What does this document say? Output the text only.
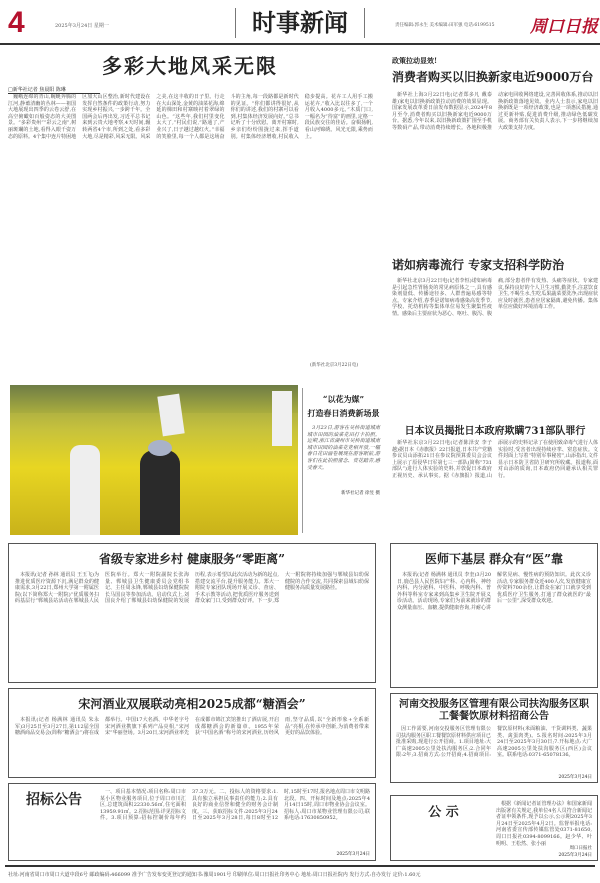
4	2025年3月24日 星期一	时事新闻	责任编辑:郭永生 美术编辑:田军强 电话:6199515 周口日报
多彩大地风采无限
□新华社记者 焦晨阳 陈琳
巍峨连绵的青山,蜿蜒奔腾的江河,静谧清幽的丛林——祖国大地展现出四季的云卷云舒,在高空俯瞰如百般姿态的大美图景。“多彩贵州”“彩云之南”,树丽斑斓的土地,看得入眼千姿万态的原料。4个集中连片特困地区加大山区整治,新时代建设在发挥自然条件的政策行动,努力实现乡村振兴,一步跨千年。全国两会后再出发,习近平总书记来到云贵大地考察,4天时间,辗转两省4个市,所到之处,看多彩大地,尽是精彩,风采无限。风采之美,在这丰收的日子里。行走在大山深处,金黄的油菜花海,绵延的梯田和村寨映衬着翠绿的山色。“这些年,我们村里变化太大了,”村民们说,“路通了,产业兴了,日子越过越红火。”幸福的笑脸里,每一个人都是这场奋斗的主角,每一段路都是新时代的见证。“你们都讲得很好,从你们的讲述,我们的村寨可以看到,村集体经济发展向好。”总书记听了十分欣慰。离开村寨时,乡亲们纷纷围拢过来,挥手道别。村集体经济增收,村民收入稳步提高。花卉工人用手工搬运花卉,“收入比以往多了,一个月收入4000多元。”木质门口,一幅名为“待富”的画里,定格一段民族交往的佳话。奋楫扬帆,看山河锦绣。风光无限,乘势而上。
(新华社北京3月22日电)
“以花为媒”
打造春日消费新场景
3月23日,游客在吴桥街道城南城市田园的油菜花田打卡拍照。近期,浙江省湖州市吴桥街道城南城市田园的油菜花竞相开放,一幅春日花田画卷展现在游客眼前,游客们在此拍照留念、赏花踏青,感受春天。
新华社记者 徐昱 摄
政策拉动显效!
消费者购买以旧换新家电近9000万台
新华社上海3月22日电(记者郑多凡 戴泰雄)家电以旧换新政策拉动消费的效果显现。国家发展改革委日前发布数据显示,2024年8月至今,消费者购买以旧换新家电近9000万台。据悉,今年以来,以旧换新政策扩围至手机等数码产品,带动消费持续增长。各地积极推动家电回收网络建设,完善回收体系,推动以旧换新政策落地见效。业内人士表示,家电以旧换新既是一项经济政策,也是一项惠民措施,通过更新补贴,促进消费升级,推动绿色低碳发展。商务部有关负责人表示,下一步将继续加大政策支持力度。
诺如病毒流行 专家支招科学防治
新华社北京3月22日电(记者李恒)诺如病毒是引起急性胃肠炎的常见病原体之一,具有感染剂量低、传播途径多、人群普遍易感等特点。专家介绍,春季是诺如病毒感染高发季节,学校、托幼机构等集体单位易发生聚集性疫情。感染后主要症状为恶心、呕吐、腹泻、腹痛,部分患者伴有发热、头痛等症状。专家建议,保持良好的个人卫生习惯,勤洗手,注意饮食卫生,不喝生水,生吃瓜果蔬菜要洗净;出现症状应及时就医,患者应居家隔离,避免传播。集体单位应做好环境消毒工作。
日本议员揭批日本政府欺瞒731部队罪行
新华社东京3月22日电(记者陈泽安 李子越)据日本《赤旗报》22日报道,日本共产党籍参议员山添拓21日在参议院预算委员会会议上展示了原侵华日军第七三一部队(简称“731部队”)进行人体实验的史料,并敦促日本政府正视历史、承认事实。据《赤旗报》报道,山添展示的史料记录了在使用致命毒气进行人体实验时,受害者出现持续痉挛、窒息症状。文件封面上写着“特别军事秘密”,山添指出,文件显示日本防卫省防卫研究所收藏。报道称,面对山添的质询,日本政府仍回避承认相关罪行。
省级专家进乡村 健康服务“零距离”
本报讯(记者 孙林 通讯员 王玉飞)为推进优质医疗资源下沉,满足群众的健康需求,3月22日,郑州大学第一附属医院(以下简称郑大一附院)“优质服务扫码基层行”郸城县站活动在郸城县人民医院举行。郑大一附院副院长张海量、郸城县卫生健康委员会党组书记、主任周永锋,郸城县妇幼保健院院长马国良等参加活动。启动仪式上,刘国良介绍了郸城县妇幼保健院的发展历程,表示希望以此次活动为新的起点,搭建交流平台,提升服务能力。郑大一附院专家团队现场开展义诊、查房、手术示教等活动,把优质医疗服务送到群众家门口,受到群众好评。下一步,郑大一附院将持续加强与郸城县妇幼保健院的合作交流,共同探索县域妇幼保健服务高质量发展路径。
宋河酒业双展联动亮相2025成都“糖酒会”
本报讯(记者 杨满林 通讯员 朱永军)3月25日至3月27日,第112届全国糖酒商品交易会(简称“糖酒会”)将在成都举行。中国17大名酒、中华老字号宋河酒业携旗下系列产品亮相,“宋河宋”华丽登场。3月20日,宋河酒业率先在成都市锦江宾馆推出了酒店展,开启成都糖酒会的新篇章。1955年荣获“中国名酒”称号的宋河酒业,历经风雨,坚守品质,以“全新形象+全系新品”亮相,在传承中创新,为消费者带来更好的品饮体验。
招标公告	一、项目基本情况:项目名称:周口市某小区物业服务项目,位于周口市川汇区,总建筑面积22330.56㎡,住宅面积13959.91㎡。2.招标范围:详见招标文件。3.项目预算:招标控制价每年约37.3万元。二、投标人的资格要求:1.具有独立承担民事责任的能力;2.具有良好的商业信誉和健全的财务会计制度。三、获取招标文件:2025年3月24日至2025年3月28日,每日8时至12时,15时至17时,报名地点周口市文明路北段。四、开标时间及地点:2025年4月14日15时,周口市物业协会会议室。招标人:周口市某物业管理有限公司;联系电话:17630850952。
2025年3月24日
医师下基层 群众有“医”靠
本报讯(记者 杨满林 通讯员 李奎)3月20日,鹿邑县人民医院妇产科、心内科、神经内科、内分泌科、中医科、呼吸内科、普外科等科室专家来到高集乡卫生院开展义诊活动。活动现场,专家们为前来就诊的群众测量血压、血糖,提供健康咨询,并耐心讲解常见病、慢性病的预防知识。此次义诊活动,专家服务群众近400人次,发放健康宣传资料700余份,让群众在家门口就享受到优质医疗卫生服务,打通了群众就医的“最后一公里”,深受群众欢迎。
河南交投服务区管理有限公司扶沟服务区职工餐餐饮原材料招商公告
因工作需要,河南交投服务区管理有限公司扶沟服务区职工餐餐饮原材料供应项目已批准采购,现进行公开招商。1.项目地址:大广高速2005公里处扶沟服务区;2.合同年限:2年;3.招商方式:公开招商;4.招商项目:餐饮原材料(米面粮油、干货调料类、蔬果类、禽蛋肉类)。5.报名时间:2025年3月24日至2025年3月30日;7.开标地点:大广高速2005公里处扶沟服务区(西区)会议室。联系电话:0371-65078136。
2025年3月24日
公 示
根据《新闻记者证管理办法》和国家新闻出版署有关规定,我单位4名人员符合新闻记者证申领条件,现予以公示,公示期2025年3月24日至2025年4月2日。监督举报电话:河南省委宣传部传媒监管处0371-81650,周口日报社0394-8099166。赵少华、叶明明、王松然、张小丽
周口日报社
2025年3月24日
社址:河南省周口市周口大道中段6号 邮政编码:466099 准予广告发布变更登记的通知书:豫周1901号 印刷单位:周口日报社印务中心 地址:周口日报社院内 发行方式:自办发行 定价:1.60元
